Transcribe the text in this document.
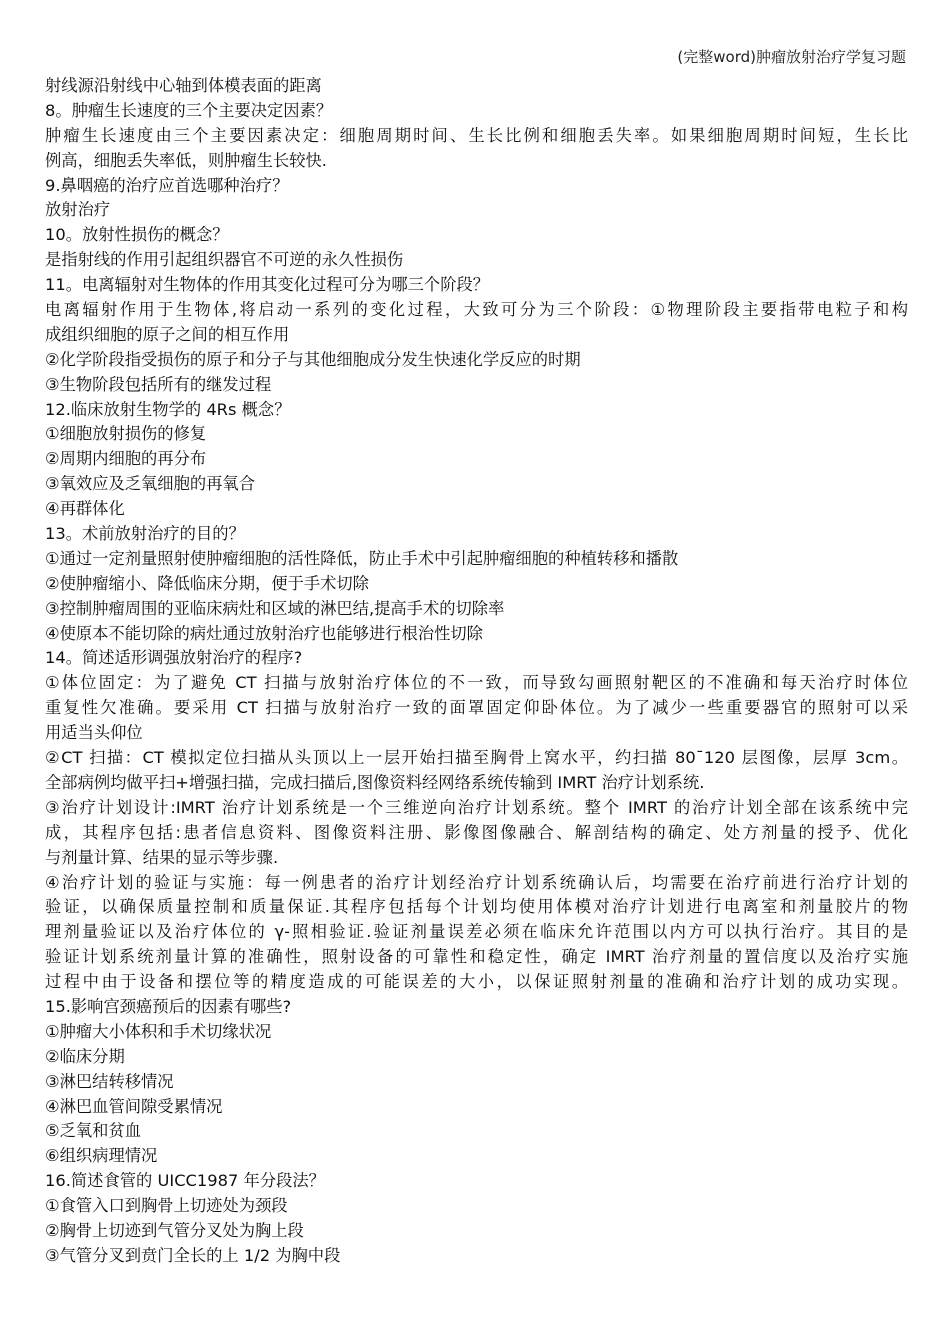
(完整word)肿瘤放射治疗学复习题
射线源沿射线中心轴到体模表面的距离
8。肿瘤生长速度的三个主要决定因素？
肿瘤生长速度由三个主要因素决定：细胞周期时间、生长比例和细胞丢失率。如果细胞周期时间短，生长比
例高，细胞丢失率低，则肿瘤生长较快.
9.鼻咽癌的治疗应首选哪种治疗？
放射治疗
10。放射性损伤的概念？
是指射线的作用引起组织器官不可逆的永久性损伤
11。电离辐射对生物体的作用其变化过程可分为哪三个阶段？
电离辐射作用于生物体,将启动一系列的变化过程，大致可分为三个阶段：①物理阶段主要指带电粒子和构
成组织细胞的原子之间的相互作用
②化学阶段指受损伤的原子和分子与其他细胞成分发生快速化学反应的时期
③生物阶段包括所有的继发过程
12.临床放射生物学的 4Rs 概念？
①细胞放射损伤的修复
②周期内细胞的再分布
③氧效应及乏氧细胞的再氧合
④再群体化
13。术前放射治疗的目的？
①通过一定剂量照射使肿瘤细胞的活性降低，防止手术中引起肿瘤细胞的种植转移和播散
②使肿瘤缩小、降低临床分期，便于手术切除
③控制肿瘤周围的亚临床病灶和区域的淋巴结,提高手术的切除率
④使原本不能切除的病灶通过放射治疗也能够进行根治性切除
14。简述适形调强放射治疗的程序?
①体位固定：为了避免 CT 扫描与放射治疗体位的不一致，而导致勾画照射靶区的不准确和每天治疗时体位
重复性欠准确。要采用 CT 扫描与放射治疗一致的面罩固定仰卧体位。为了减少一些重要器官的照射可以采
用适当头仰位
②CT 扫描：CT 模拟定位扫描从头顶以上一层开始扫描至胸骨上窝水平，约扫描 80¯120 层图像，层厚 3cm。
全部病例均做平扫+增强扫描，完成扫描后,图像资料经网络系统传输到 IMRT 治疗计划系统.
③治疗计划设计:IMRT 治疗计划系统是一个三维逆向治疗计划系统。整个 IMRT 的治疗计划全部在该系统中完
成，其程序包括:患者信息资料、图像资料注册、影像图像融合、解剖结构的确定、处方剂量的授予、优化
与剂量计算、结果的显示等步骤.
④治疗计划的验证与实施：每一例患者的治疗计划经治疗计划系统确认后，均需要在治疗前进行治疗计划的
验证，以确保质量控制和质量保证.其程序包括每个计划均使用体模对治疗计划进行电离室和剂量胶片的物
理剂量验证以及治疗体位的 γ-照相验证.验证剂量误差必须在临床允许范围以内方可以执行治疗。其目的是
验证计划系统剂量计算的准确性，照射设备的可靠性和稳定性，确定 IMRT 治疗剂量的置信度以及治疗实施
过程中由于设备和摆位等的精度造成的可能误差的大小，以保证照射剂量的准确和治疗计划的成功实现。
15.影响宫颈癌预后的因素有哪些?
①肿瘤大小体积和手术切缘状况
②临床分期
③淋巴结转移情况
④淋巴血管间隙受累情况
⑤乏氧和贫血
⑥组织病理情况
16.简述食管的 UICC1987 年分段法？
①食管入口到胸骨上切迹处为颈段
②胸骨上切迹到气管分叉处为胸上段
③气管分叉到贲门全长的上 1/2 为胸中段
